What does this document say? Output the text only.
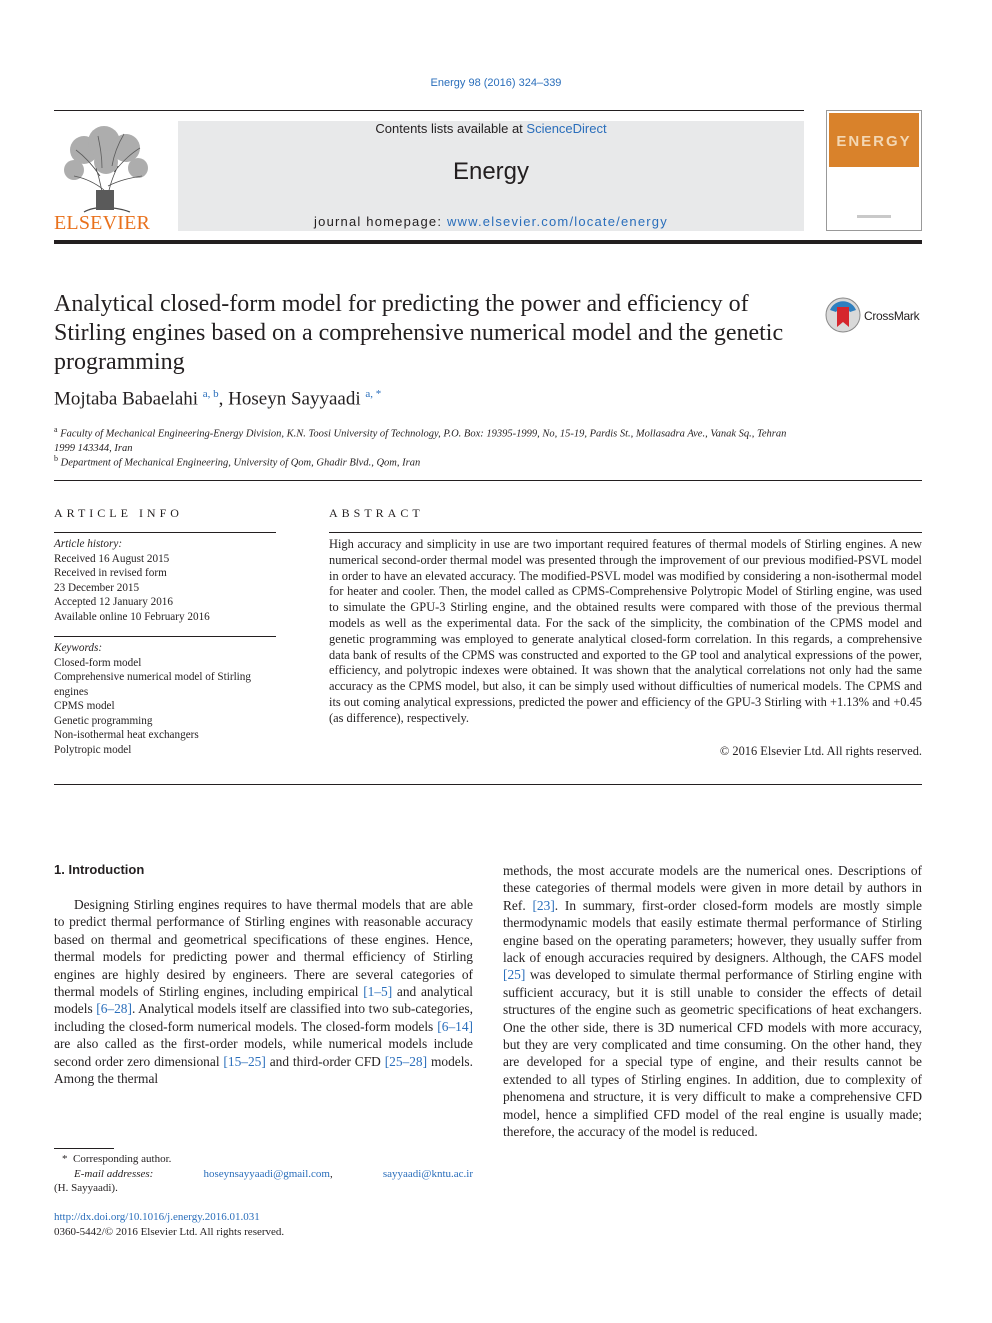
Energy 98 (2016) 324–339
ELSEVIER
Contents lists available at ScienceDirect
Energy
journal homepage: www.elsevier.com/locate/energy
ENERGY
Analytical closed-form model for predicting the power and efficiency of Stirling engines based on a comprehensive numerical model and the genetic programming
CrossMark
Mojtaba Babaelahi $^{a, b}$, Hoseyn Sayyaadi $^{a, *}$
$^a$ Faculty of Mechanical Engineering-Energy Division, K.N. Toosi University of Technology, P.O. Box: 19395-1999, No, 15-19, Pardis St., Mollasadra Ave., Vanak Sq., Tehran 1999 143344, Iran
$^b$ Department of Mechanical Engineering, University of Qom, Ghadir Blvd., Qom, Iran
ARTICLE INFO
Article history:
Received 16 August 2015
Received in revised form
23 December 2015
Accepted 12 January 2016
Available online 10 February 2016
Keywords:
Closed-form model
Comprehensive numerical model of Stirling engines
CPMS model
Genetic programming
Non-isothermal heat exchangers
Polytropic model
ABSTRACT
High accuracy and simplicity in use are two important required features of thermal models of Stirling engines. A new numerical second-order thermal model was presented through the improvement of our previous modified-PSVL model in order to have an elevated accuracy. The modified-PSVL model was modified by considering a non-isothermal model for heater and cooler. Then, the model called as CPMS-Comprehensive Polytropic Model of Stirling engine, was used to simulate the GPU-3 Stirling engine, and the obtained results were compared with those of the previous thermal models as well as the experimental data. For the sack of the simplicity, the combination of the CPMS model and genetic programming was employed to generate analytical closed-form correlation. In this regards, a comprehensive data bank of results of the CPMS was constructed and exported to the GP tool and analytical expressions of the power, efficiency, and polytropic indexes were obtained. It was shown that the analytical correlations not only had the same accuracy as the CPMS model, but also, it can be simply used without difficulties of numerical models. The CPMS and its out coming analytical expressions, predicted the power and efficiency of the GPU-3 Stirling with +1.13% and +0.45 (as difference), respectively.
© 2016 Elsevier Ltd. All rights reserved.
1. Introduction
Designing Stirling engines requires to have thermal models that are able to predict thermal performance of Stirling engines with reasonable accuracy based on thermal and geometrical specifications of these engines. Hence, thermal models for predicting power and thermal efficiency of Stirling engines are highly desired by engineers. There are several categories of thermal models of Stirling engines, including empirical [1–5] and analytical models [6–28]. Analytical models itself are classified into two sub-categories, including the closed-form numerical models. The closed-form models [6–14] are also called as the first-order models, while numerical models include second order zero dimensional [15–25] and third-order CFD [25–28] models. Among the thermal
methods, the most accurate models are the numerical ones. Descriptions of these categories of thermal models were given in more detail by authors in Ref. [23]. In summary, first-order closed-form models are mostly simple thermodynamic models that easily estimate thermal performance of Stirling engine based on the operating parameters; however, they usually suffer from lack of enough accuracies required by designers. Although, the CAFS model [25] was developed to simulate thermal performance of Stirling engine with sufficient accuracy, but it is still unable to consider the effects of detail structures of the engine such as geometric specifications of heat exchangers. One the other side, there is 3D numerical CFD models with more accuracy, but they are very complicated and time consuming. On the other hand, they are developed for a special type of engine, and their results cannot be extended to all types of Stirling engines. In addition, due to complexity of phenomena and structure, it is very difficult to make a comprehensive CFD model, hence a simplified CFD model of the real engine is usually made; therefore, the accuracy of the model is reduced.
* Corresponding author.
E-mail addresses:	hoseynsayyaadi@gmail.com,	sayyaadi@kntu.ac.ir
(H. Sayyaadi).
http://dx.doi.org/10.1016/j.energy.2016.01.031
0360-5442/© 2016 Elsevier Ltd. All rights reserved.
